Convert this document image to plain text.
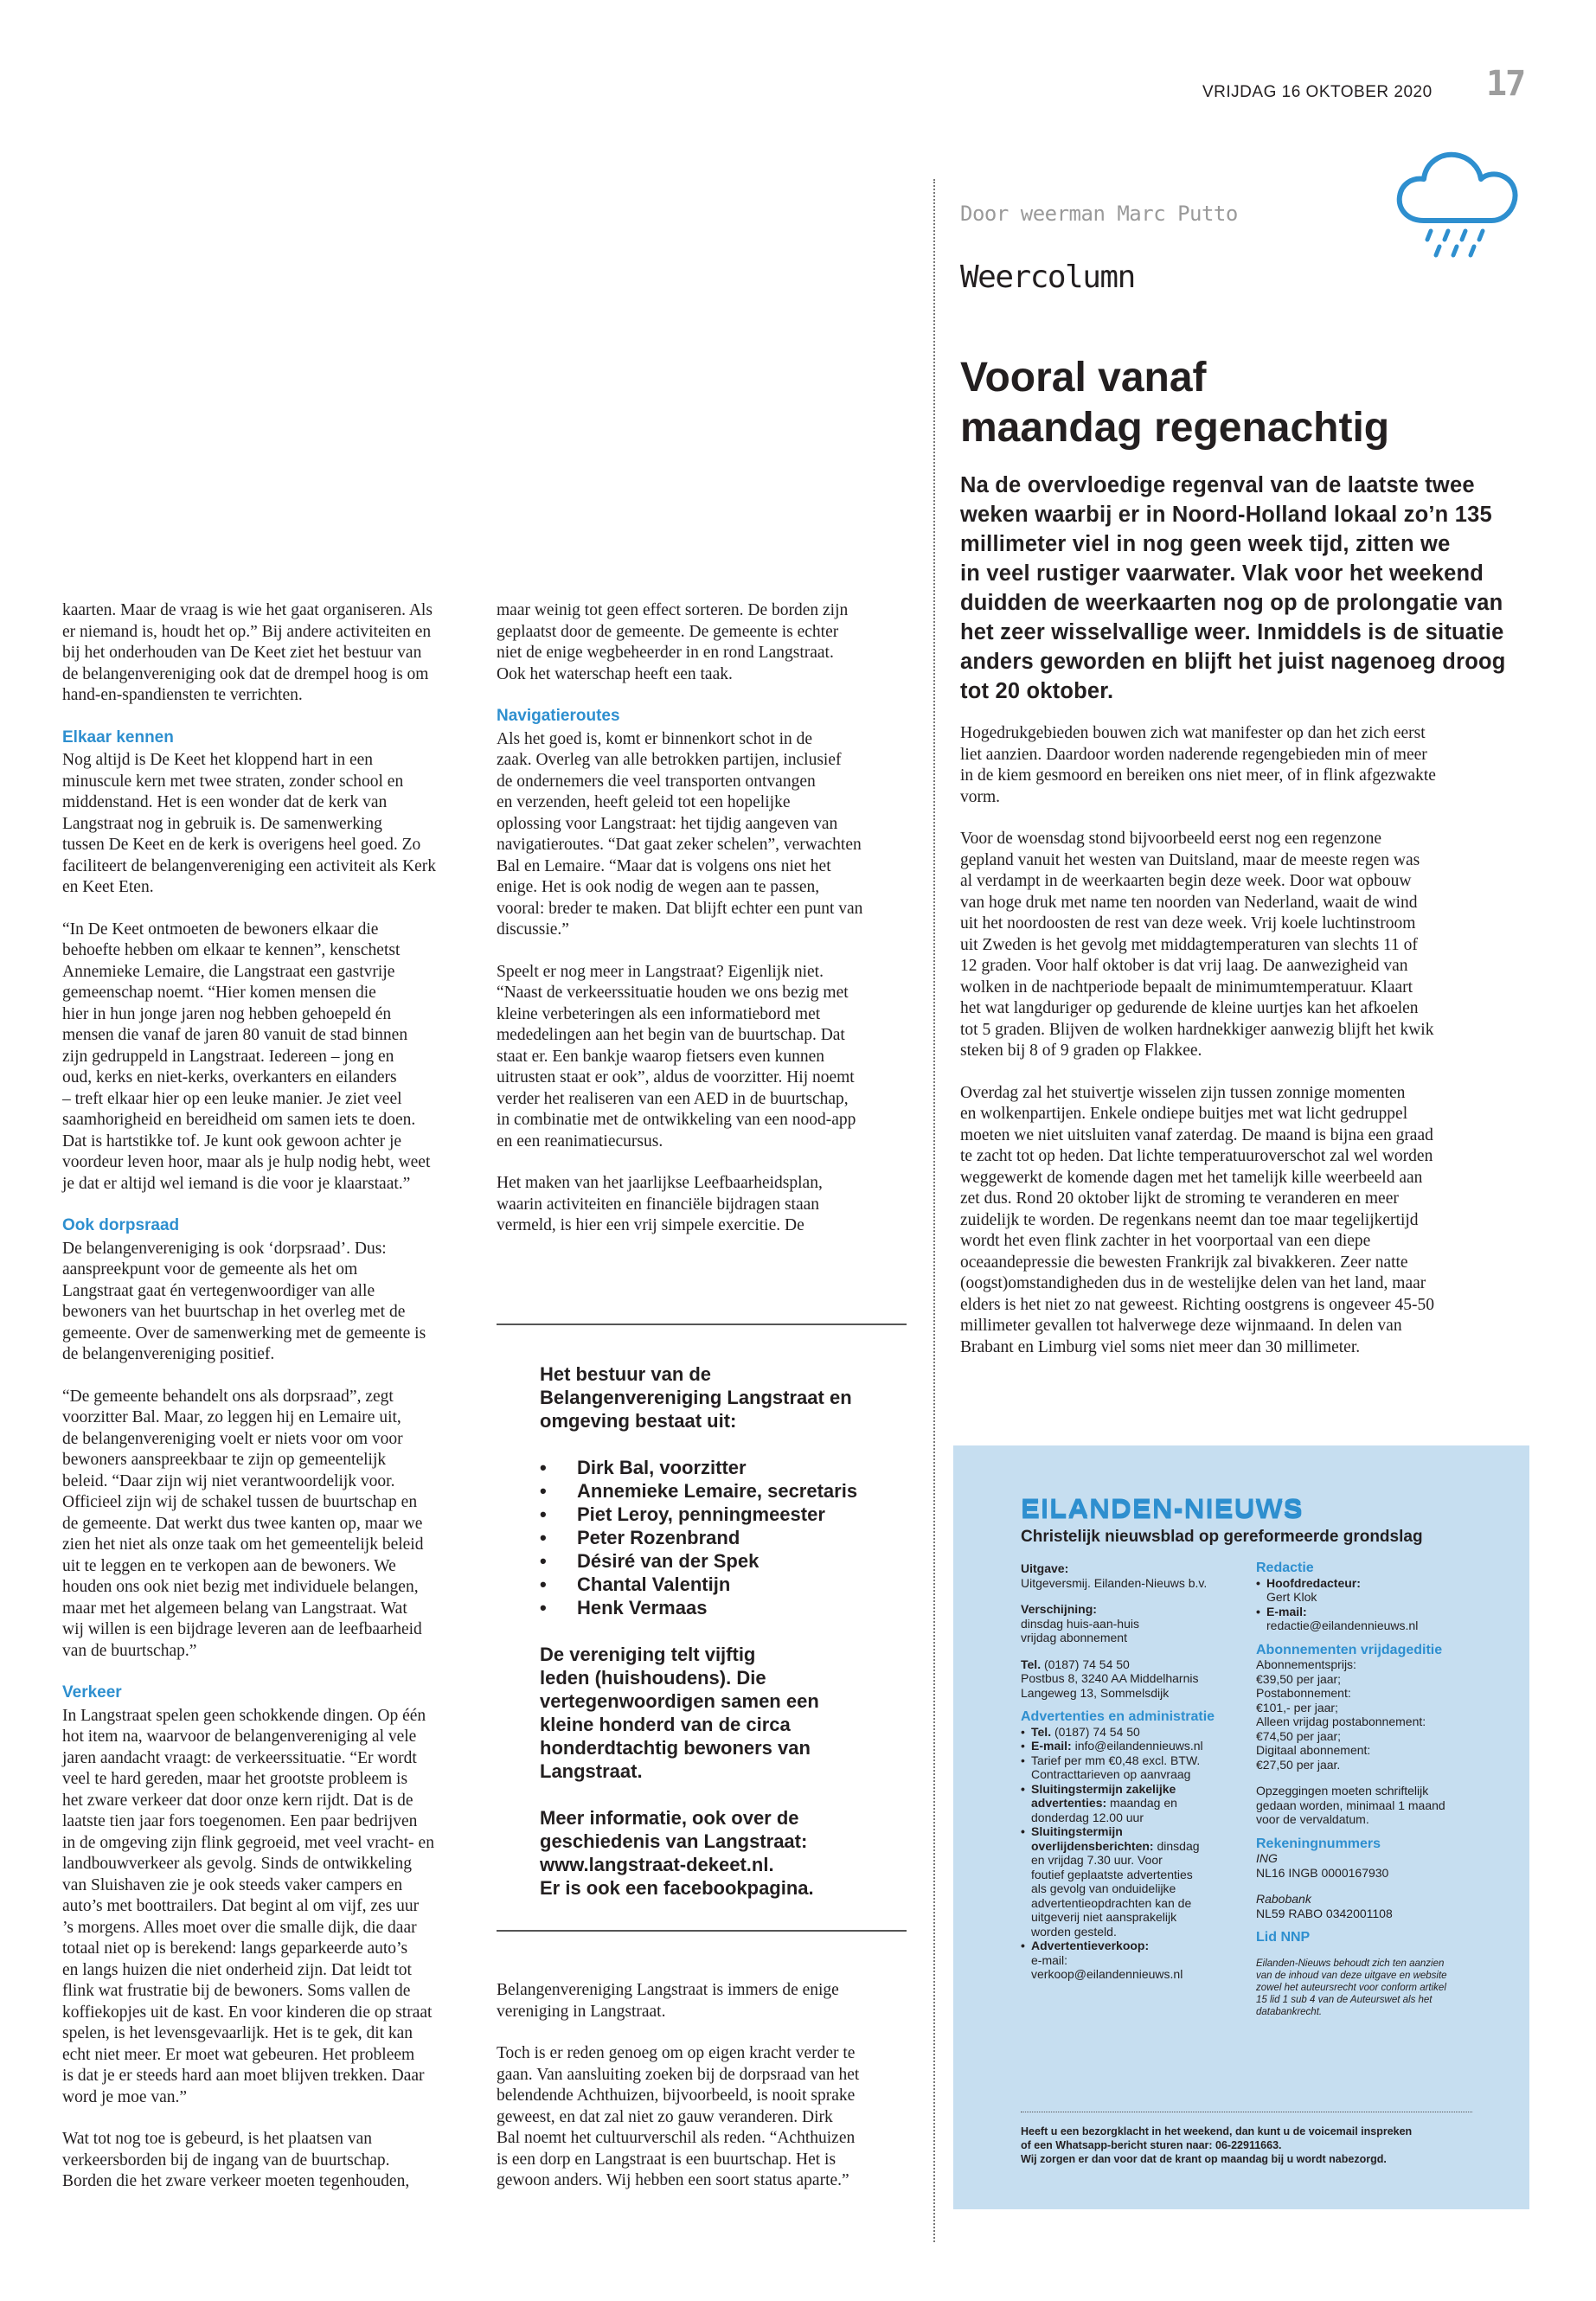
VRIJDAG 16 OKTOBER 2020 17
Door weerman Marc Putto
Weercolumn
Vooral vanaf
maandag regenachtig
Na de overvloedige regenval van de laatste twee
weken waarbij er in Noord-Holland lokaal zo’n 135
millimeter viel in nog geen week tijd, zitten we
in veel rustiger vaarwater. Vlak voor het weekend
duidden de weerkaarten nog op de prolongatie van
het zeer wisselvallige weer. Inmiddels is de situatie
anders geworden en blijft het juist nagenoeg droog
tot 20 oktober.

Hogedrukgebieden bouwen zich wat manifester op dan het zich eerst
liet aanzien. Daardoor worden naderende regengebieden min of meer
in de kiem gesmoord en bereiken ons niet meer, of in flink afgezwakte
vorm.

Voor de woensdag stond bijvoorbeeld eerst nog een regenzone
gepland vanuit het westen van Duitsland, maar de meeste regen was
al verdampt in de weerkaarten begin deze week. Door wat opbouw
van hoge druk met name ten noorden van Nederland, waait de wind
uit het noordoosten de rest van deze week. Vrij koele luchtinstroom
uit Zweden is het gevolg met middagtemperaturen van slechts 11 of
12 graden. Voor half oktober is dat vrij laag. De aanwezigheid van
wolken in de nachtperiode bepaalt de minimumtemperatuur. Klaart
het wat langduriger op gedurende de kleine uurtjes kan het afkoelen
tot 5 graden. Blijven de wolken hardnekkiger aanwezig blijft het kwik
steken bij 8 of 9 graden op Flakkee.

Overdag zal het stuivertje wisselen zijn tussen zonnige momenten
en wolkenpartijen. Enkele ondiepe buitjes met wat licht gedruppel
moeten we niet uitsluiten vanaf zaterdag. De maand is bijna een graad
te zacht tot op heden. Dat lichte temperatuuroverschot zal wel worden
weggewerkt de komende dagen met het tamelijk kille weerbeeld aan
zet dus. Rond 20 oktober lijkt de stroming te veranderen en meer
zuidelijk te worden. De regenkans neemt dan toe maar tegelijkertijd
wordt het even flink zachter in het voorportaal van een diepe
oceaandepressie die bewesten Frankrijk zal bivakkeren. Zeer natte
(oogst)omstandigheden dus in de westelijke delen van het land, maar
elders is het niet zo nat geweest. Richting oostgrens is ongeveer 45-50
millimeter gevallen tot halverwege deze wijnmaand. In delen van
Brabant en Limburg viel soms niet meer dan 30 millimeter.

kaarten. Maar de vraag is wie het gaat organiseren. Als
er niemand is, houdt het op.” Bij andere activiteiten en
bij het onderhouden van De Keet ziet het bestuur van
de belangenvereniging ook dat de drempel hoog is om
hand-en-spandiensten te verrichten.

Elkaar kennen

Nog altijd is De Keet het kloppend hart in een
minuscule kern met twee straten, zonder school en
middenstand. Het is een wonder dat de kerk van
Langstraat nog in gebruik is. De samenwerking
tussen De Keet en de kerk is overigens heel goed. Zo
faciliteert de belangenvereniging een activiteit als Kerk
en Keet Eten.

“In De Keet ontmoeten de bewoners elkaar die
behoefte hebben om elkaar te kennen”, kenschetst
Annemieke Lemaire, die Langstraat een gastvrije
gemeenschap noemt. “Hier komen mensen die
hier in hun jonge jaren nog hebben gehoepeld én
mensen die vanaf de jaren 80 vanuit de stad binnen
zijn gedruppeld in Langstraat. Iedereen – jong en
oud, kerks en niet-kerks, overkanters en eilanders
– treft elkaar hier op een leuke manier. Je ziet veel
saamhorigheid en bereidheid om samen iets te doen.
Dat is hartstikke tof. Je kunt ook gewoon achter je
voordeur leven hoor, maar als je hulp nodig hebt, weet
je dat er altijd wel iemand is die voor je klaarstaat.”

Ook dorpsraad

De belangenvereniging is ook ‘dorpsraad’. Dus:
aanspreekpunt voor de gemeente als het om
Langstraat gaat én vertegenwoordiger van alle
bewoners van het buurtschap in het overleg met de
gemeente. Over de samenwerking met de gemeente is
de belangenvereniging positief.

“De gemeente behandelt ons als dorpsraad”, zegt
voorzitter Bal. Maar, zo leggen hij en Lemaire uit,
de belangenvereniging voelt er niets voor om voor
bewoners aanspreekbaar te zijn op gemeentelijk
beleid. “Daar zijn wij niet verantwoordelijk voor.
Officieel zijn wij de schakel tussen de buurtschap en
de gemeente. Dat werkt dus twee kanten op, maar we
zien het niet als onze taak om het gemeentelijk beleid
uit te leggen en te verkopen aan de bewoners. We
houden ons ook niet bezig met individuele belangen,
maar met het algemeen belang van Langstraat. Wat
wij willen is een bijdrage leveren aan de leefbaarheid
van de buurtschap.”

Verkeer

In Langstraat spelen geen schokkende dingen. Op één
hot item na, waarvoor de belangenvereniging al vele
jaren aandacht vraagt: de verkeerssituatie. “Er wordt
veel te hard gereden, maar het grootste probleem is
het zware verkeer dat door onze kern rijdt. Dat is de
laatste tien jaar fors toegenomen. Een paar bedrijven
in de omgeving zijn flink gegroeid, met veel vracht- en
landbouwverkeer als gevolg. Sinds de ontwikkeling
van Sluishaven zie je ook steeds vaker campers en
auto’s met boottrailers. Dat begint al om vijf, zes uur
’s morgens. Alles moet over die smalle dijk, die daar
totaal niet op is berekend: langs geparkeerde auto’s
en langs huizen die niet onderheid zijn. Dat leidt tot
flink wat frustratie bij de bewoners. Soms vallen de
koffiekopjes uit de kast. En voor kinderen die op straat
spelen, is het levensgevaarlijk. Het is te gek, dit kan
echt niet meer. Er moet wat gebeuren. Het probleem
is dat je er steeds hard aan moet blijven trekken. Daar
word je moe van.”

Wat tot nog toe is gebeurd, is het plaatsen van
verkeersborden bij de ingang van de buurtschap.
Borden die het zware verkeer moeten tegenhouden,

maar weinig tot geen effect sorteren. De borden zijn
geplaatst door de gemeente. De gemeente is echter
niet de enige wegbeheerder in en rond Langstraat.
Ook het waterschap heeft een taak.

Navigatieroutes

Als het goed is, komt er binnenkort schot in de
zaak. Overleg van alle betrokken partijen, inclusief
de ondernemers die veel transporten ontvangen
en verzenden, heeft geleid tot een hopelijke
oplossing voor Langstraat: het tijdig aangeven van
navigatieroutes. “Dat gaat zeker schelen”, verwachten
Bal en Lemaire. “Maar dat is volgens ons niet het
enige. Het is ook nodig de wegen aan te passen,
vooral: breder te maken. Dat blijft echter een punt van
discussie.”

Speelt er nog meer in Langstraat? Eigenlijk niet.
“Naast de verkeerssituatie houden we ons bezig met
kleine verbeteringen als een informatiebord met
mededelingen aan het begin van de buurtschap. Dat
staat er. Een bankje waarop fietsers even kunnen
uitrusten staat er ook”, aldus de voorzitter. Hij noemt
verder het realiseren van een AED in de buurtschap,
in combinatie met de ontwikkeling van een nood-app
en een reanimatiecursus.

Het maken van het jaarlijkse Leefbaarheidsplan,
waarin activiteiten en financiële bijdragen staan
vermeld, is hier een vrij simpele exercitie. De

Belangenvereniging Langstraat is immers de enige
vereniging in Langstraat.

Toch is er reden genoeg om op eigen kracht verder te
gaan. Van aansluiting zoeken bij de dorpsraad van het
belendende Achthuizen, bijvoorbeeld, is nooit sprake
geweest, en dat zal niet zo gauw veranderen. Dirk
Bal noemt het cultuurverschil als reden. “Achthuizen
is een dorp en Langstraat is een buurtschap. Het is
gewoon anders. Wij hebben een soort status aparte.”

Het bestuur van de
Belangenvereniging Langstraat en
omgeving bestaat uit:

• Dirk Bal, voorzitter
• Annemieke Lemaire, secretaris
• Piet Leroy, penningmeester
• Peter Rozenbrand
• Désiré van der Spek
• Chantal Valentijn
• Henk Vermaas

De vereniging telt vijftig
leden (huishoudens). Die
vertegenwoordigen samen een
kleine honderd van de circa
honderdtachtig bewoners van
Langstraat.

Meer informatie, ook over de
geschiedenis van Langstraat:
www.langstraat-dekeet.nl.
Er is ook een facebookpagina.

EILANDEN-NIEUWS
Christelijk nieuwsblad op gereformeerde grondslag
Uitgave:
Uitgeversmij. Eilanden-Nieuws b.v.
Verschijning:
dinsdag huis-aan-huis
vrijdag abonnement
Tel. (0187) 74 54 50
Postbus 8, 3240 AA Middelharnis
Langeweg 13, Sommelsdijk
Advertenties en administratie
• Tel. (0187) 74 54 50
• E-mail: info@eilandennieuws.nl
• Tarief per mm €0,48 excl. BTW.
Contracttarieven op aanvraag
• Sluitingstermijn zakelijke
advertenties: maandag en
donderdag 12.00 uur
• Sluitingstermijn
overlijdensberichten: dinsdag
en vrijdag 7.30 uur. Voor
foutief geplaatste advertenties
als gevolg van onduidelijke
advertentieopdrachten kan de
uitgeverij niet aansprakelijk
worden gesteld.
• Advertentieverkoop:
e-mail:
verkoop@eilandennieuws.nl
Redactie
• Hoofdredacteur:
Gert Klok
• E-mail:
redactie@eilandennieuws.nl
Abonnementen vrijdageditie
Abonnementsprijs:
€39,50 per jaar;
Postabonnement:
€101,- per jaar;
Alleen vrijdag postabonnement:
€74,50 per jaar;
Digitaal abonnement:
€27,50 per jaar.
Opzeggingen moeten schriftelijk
gedaan worden, minimaal 1 maand
voor de vervaldatum.
Rekeningnummers
ING
NL16 INGB 0000167930
Rabobank
NL59 RABO 0342001108
Lid NNP
Eilanden-Nieuws behoudt zich ten aanzien
van de inhoud van deze uitgave en website
zowel het auteursrecht voor conform artikel
15 lid 1 sub 4 van de Auteurswet als het
databankrecht.
Heeft u een bezorgklacht in het weekend, dan kunt u de voicemail inspreken
of een Whatsapp-bericht sturen naar: 06-22911663.
Wij zorgen er dan voor dat de krant op maandag bij u wordt nabezorgd.
